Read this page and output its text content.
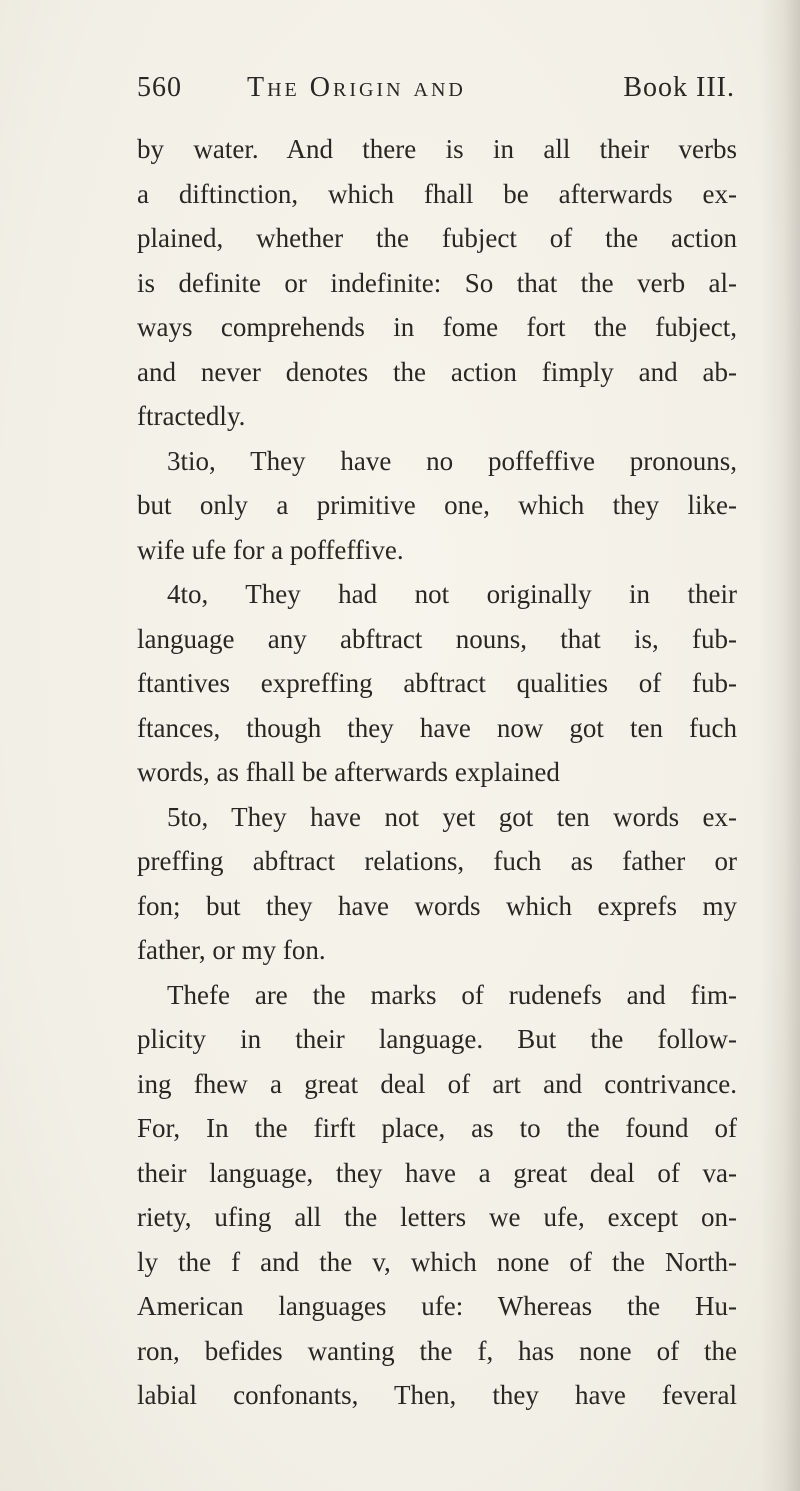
560 The Origin and	Book III.
by water. And there is in all their verbs
a diftinction, which fhall be afterwards ex-
plained, whether the fubject of the action
is definite or indefinite: So that the verb al-
ways comprehends in fome fort the fubject,
and never denotes the action fimply and ab-
ftractedly.
3tio, They have no poffeffive pronouns,
but only a primitive one, which they like-
wife ufe for a poffeffive.
4to, They had not originally in their
language any abftract nouns, that is, fub-
ftantives expreffing abftract qualities of fub-
ftances, though they have now got ten fuch
words, as fhall be afterwards explained
5to, They have not yet got ten words ex-
preffing abftract relations, fuch as father or
fon; but they have words which exprefs my
father, or my fon.
Thefe are the marks of rudenefs and fim-
plicity in their language. But the follow-
ing fhew a great deal of art and contrivance.
For, In the firft place, as to the found of
their language, they have a great deal of va-
riety, ufing all the letters we ufe, except on-
ly the f and the v, which none of the North-
American languages ufe: Whereas the Hu-
ron, befides wanting the f, has none of the
labial confonants, Then, they have feveral
